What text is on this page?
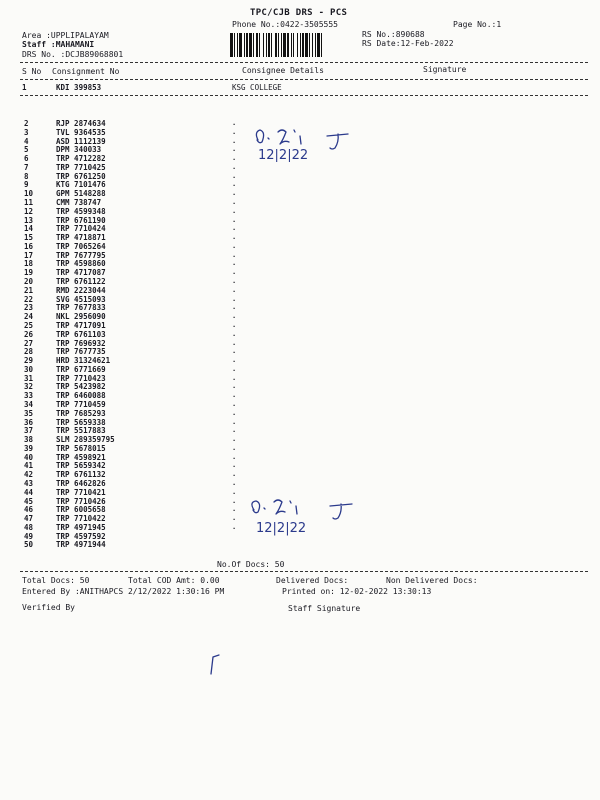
TPC/CJB DRS - PCS
Phone No.:0422-3505555	Page No.:1
Area :UPPLIPALAYAM
Staff :MAHAMANI
DRS No. :DCJB89068801
RS No.:890688
RS Date:12-Feb-2022
S No Consignment No	Consignee Details	Signature
1	KDI 399853	KSG COLLEGE
2	RJP 2874634	.
3	TVL 9364535	.
4	ASD 1112139	.
5	DPM 340033	.
6	TRP 4712282	.
7	TRP 7710425	.
8	TRP 6761250	.
9	KTG 7101476	.
10	GPM 5148288	.
11	CMM 738747	.
12	TRP 4599348	.
13	TRP 6761190	.
14	TRP 7710424	.
15	TRP 4718871	.
16	TRP 7065264	.
17	TRP 7677795	.
18	TRP 4598860	.
19	TRP 4717087	.
20	TRP 6761122	.
21	RMD 2223044	.
22	SVG 4515093	.
23	TRP 7677833	.
24	NKL 2956090	.
25	TRP 4717091	.
26	TRP 6761103	.
27	TRP 7696932	.
28	TRP 7677735	.
29	HRD 31324621	.
30	TRP 6771669	.
31	TRP 7710423	.
32	TRP 5423982	.
33	TRP 6460088	.
34	TRP 7710459	.
35	TRP 7685293	.
36	TRP 5659338	.
37	TRP 5517883	.
38	SLM 289359795	.
39	TRP 5678015	.
40	TRP 4598921	.
41	TRP 5659342	.
42	TRP 6761132	.
43	TRP 6462826	.
44	TRP 7710421	.
45	TRP 7710426	.
46	TRP 6005658	.
47	TRP 7710422	.
48	TRP 4971945	.
49	TRP 4597592
50	TRP 4971944
12|2|22
12|2|22
No.Of Docs: 50
Total Docs: 50	Total COD Amt: 0.00	Delivered Docs:	Non Delivered Docs:
Entered By :ANITHAPCS 2/12/2022 1:30:16 PM	Printed on: 12-02-2022 13:30:13
Verified By	Staff Signature
